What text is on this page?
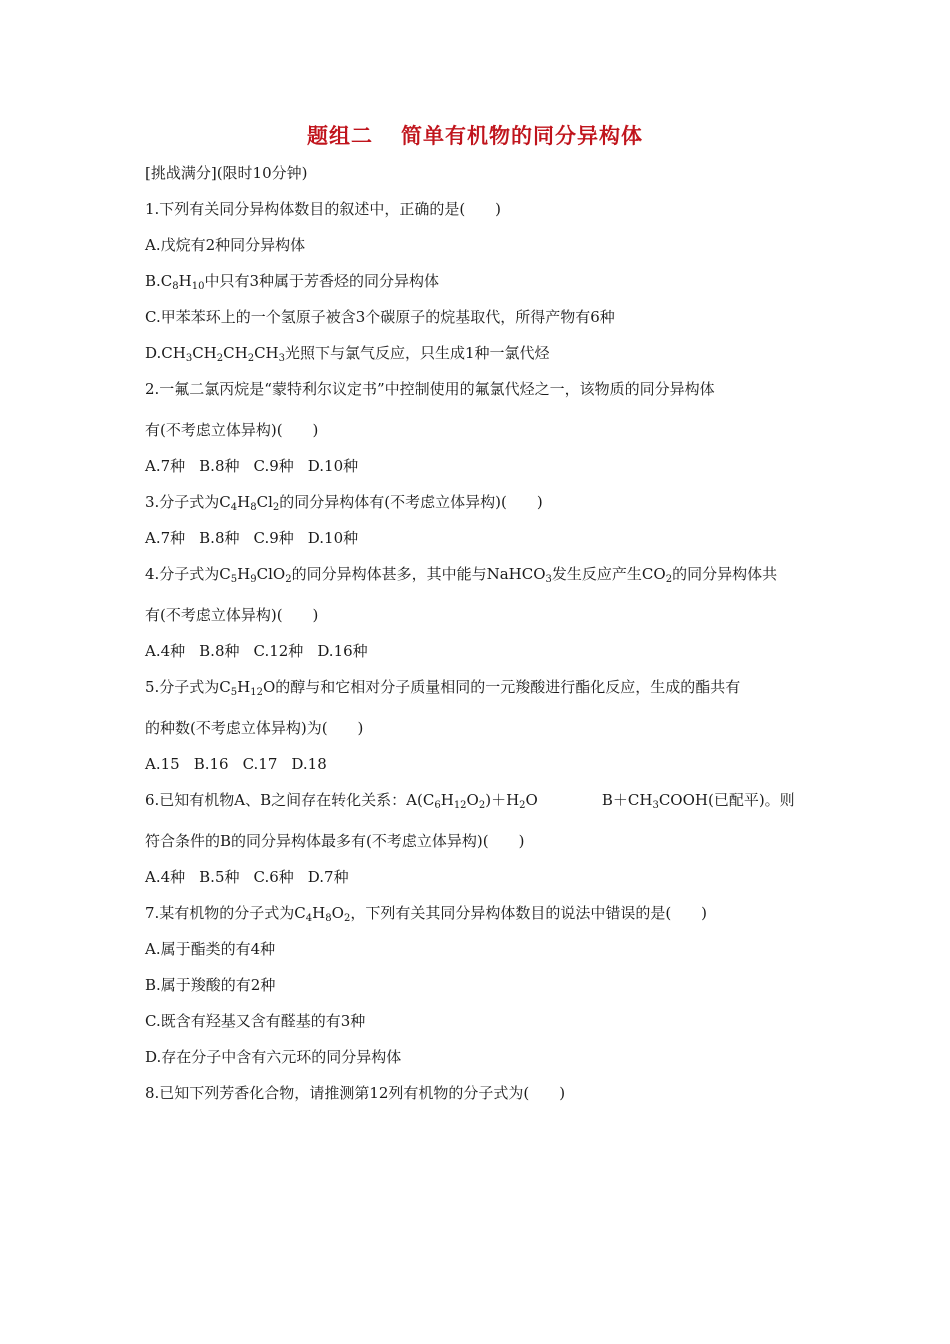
题组二 简单有机物的同分异构体
[挑战满分](限时10分钟)
1.下列有关同分异构体数目的叙述中，正确的是(　　)
A.戊烷有2种同分异构体
$B.C_8H_{10}$中只有3种属于芳香烃的同分异构体
C.甲苯苯环上的一个氢原子被含3个碳原子的烷基取代，所得产物有6种
$D.CH_3CH_2CH_2CH_3$光照下与氯气反应，只生成1种一氯代烃
2.一氟二氯丙烷是“蒙特利尔议定书”中控制使用的氟氯代烃之一，该物质的同分异构体
有(不考虑立体异构)(　　)
A.7种 B.8种 C.9种 D.10种
3.分子式为$C_4H_8Cl_2$的同分异构体有(不考虑立体异构)(　　)
A.7种 B.8种 C.9种 D.10种
4.分子式为$C_5H_9ClO_2$的同分异构体甚多，其中能与NaHCO$_3$发生反应产生$CO_2$的同分异构体共
有(不考虑立体异构)(　　)
A.4种 B.8种 C.12种 D.16种
5.分子式为$C_5H_{12}O$的醇与和它相对分子质量相同的一元羧酸进行酯化反应，生成的酯共有
的种数(不考虑立体异构)为(　　)
A.15 B.16 C.17 D.18
6.已知有机物A、B之间存在转化关系：$A(C_6H_{12}O_2)+H_2O$	$B+CH_3COOH$(已配平)。则
符合条件的B的同分异构体最多有(不考虑立体异构)(　　)
A.4种 B.5种 C.6种 D.7种
7.某有机物的分子式为$C_4H_8O_2$，下列有关其同分异构体数目的说法中错误的是(　　)
A.属于酯类的有4种
B.属于羧酸的有2种
C.既含有羟基又含有醛基的有3种
D.存在分子中含有六元环的同分异构体
8.已知下列芳香化合物，请推测第12列有机物的分子式为(　　)
